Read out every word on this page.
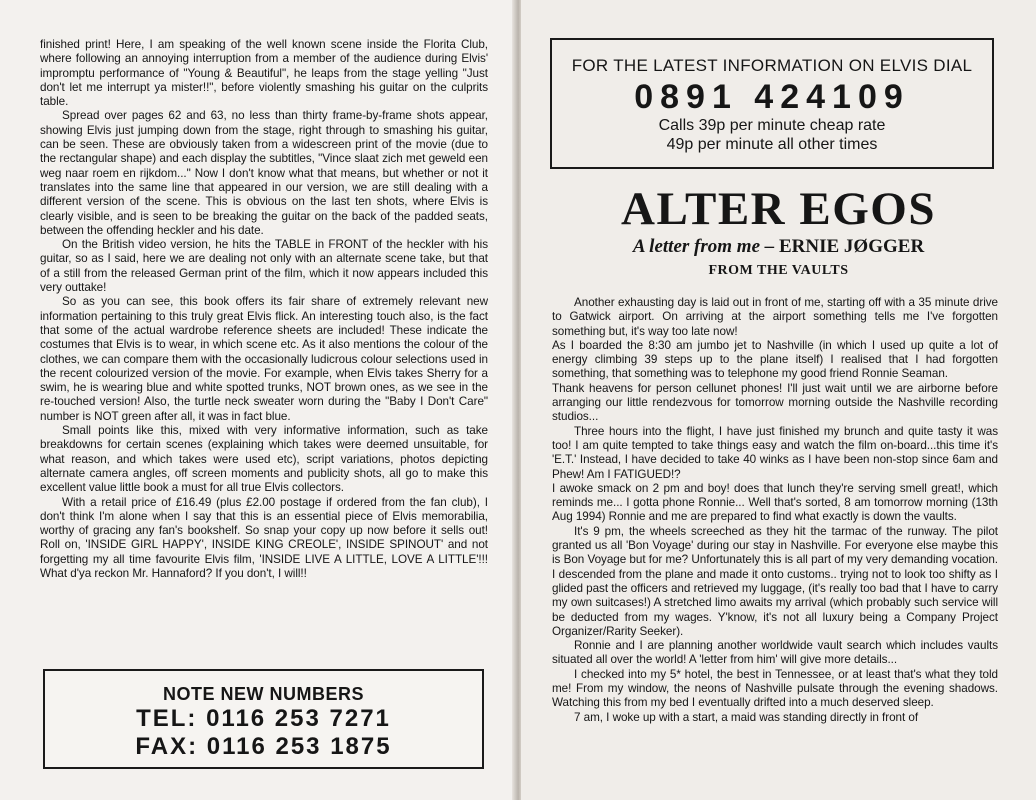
finished print! Here, I am speaking of the well known scene inside the Florita Club, where following an annoying interruption from a member of the audience during Elvis' impromptu performance of "Young & Beautiful", he leaps from the stage yelling "Just don't let me interrupt ya mister!!", before violently smashing his guitar on the culprits table.

Spread over pages 62 and 63, no less than thirty frame-by-frame shots appear, showing Elvis just jumping down from the stage, right through to smashing his guitar, can be seen. These are obviously taken from a widescreen print of the movie (due to the rectangular shape) and each display the subtitles, "Vince slaat zich met geweld een weg naar roem en rijkdom..." Now I don't know what that means, but whether or not it translates into the same line that appeared in our version, we are still dealing with a different version of the scene. This is obvious on the last ten shots, where Elvis is clearly visible, and is seen to be breaking the guitar on the back of the padded seats, between the offending heckler and his date.

On the British video version, he hits the TABLE in FRONT of the heckler with his guitar, so as I said, here we are dealing not only with an alternate scene take, but that of a still from the released German print of the film, which it now appears included this very outtake!

So as you can see, this book offers its fair share of extremely relevant new information pertaining to this truly great Elvis flick. An interesting touch also, is the fact that some of the actual wardrobe reference sheets are included! These indicate the costumes that Elvis is to wear, in which scene etc. As it also mentions the colour of the clothes, we can compare them with the occasionally ludicrous colour selections used in the recent colourized version of the movie. For example, when Elvis takes Sherry for a swim, he is wearing blue and white spotted trunks, NOT brown ones, as we see in the re-touched version! Also, the turtle neck sweater worn during the "Baby I Don't Care" number is NOT green after all, it was in fact blue.

Small points like this, mixed with very informative information, such as take breakdowns for certain scenes (explaining which takes were deemed unsuitable, for what reason, and which takes were used etc), script variations, photos depicting alternate camera angles, off screen moments and publicity shots, all go to make this excellent value little book a must for all true Elvis collectors.

With a retail price of £16.49 (plus £2.00 postage if ordered from the fan club), I don't think I'm alone when I say that this is an essential piece of Elvis memorabilia, worthy of gracing any fan's bookshelf. So snap your copy up now before it sells out! Roll on, 'INSIDE GIRL HAPPY', INSIDE KING CREOLE', INSIDE SPINOUT' and not forgetting my all time favourite Elvis film, 'INSIDE LIVE A LITTLE, LOVE A LITTLE'!!! What d'ya reckon Mr. Hannaford? If you don't, I will!!

NOTE NEW NUMBERS
TEL: 0116 253 7271
FAX: 0116 253 1875
FOR THE LATEST INFORMATION ON ELVIS DIAL
0891 424109
Calls 39p per minute cheap rate
49p per minute all other times
ALTER EGOS
A letter from me – ERNIE JØGGER
FROM THE VAULTS

Another exhausting day is laid out in front of me, starting off with a 35 minute drive to Gatwick airport. On arriving at the airport something tells me I've forgotten something but, it's way too late now!

As I boarded the 8:30 am jumbo jet to Nashville (in which I used up quite a lot of energy climbing 39 steps up to the plane itself) I realised that I had forgotten something, that something was to telephone my good friend Ronnie Seaman.

Thank heavens for person cellunet phones! I'll just wait until we are airborne before arranging our little rendezvous for tomorrow morning outside the Nashville recording studios...

Three hours into the flight, I have just finished my brunch and quite tasty it was too! I am quite tempted to take things easy and watch the film on-board...this time it's 'E.T.' Instead, I have decided to take 40 winks as I have been non-stop since 6am and Phew! Am I FATIGUED!?

I awoke smack on 2 pm and boy! does that lunch they're serving smell great!, which reminds me... I gotta phone Ronnie... Well that's sorted, 8 am tomorrow morning (13th Aug 1994) Ronnie and me are prepared to find what exactly is down the vaults.

It's 9 pm, the wheels screeched as they hit the tarmac of the runway. The pilot granted us all 'Bon Voyage' during our stay in Nashville. For everyone else maybe this is Bon Voyage but for me? Unfortunately this is all part of my very demanding vocation. I descended from the plane and made it onto customs.. trying not to look too shifty as I glided past the officers and retrieved my luggage, (it's really too bad that I have to carry my own suitcases!) A stretched limo awaits my arrival (which probably such service will be deducted from my wages. Y'know, it's not all luxury being a Company Project Organizer/Rarity Seeker).

Ronnie and I are planning another worldwide vault search which includes vaults situated all over the world! A 'letter from him' will give more details...

I checked into my 5* hotel, the best in Tennessee, or at least that's what they told me! From my window, the neons of Nashville pulsate through the evening shadows. Watching this from my bed I eventually drifted into a much deserved sleep.

7 am, I woke up with a start, a maid was standing directly in front of
